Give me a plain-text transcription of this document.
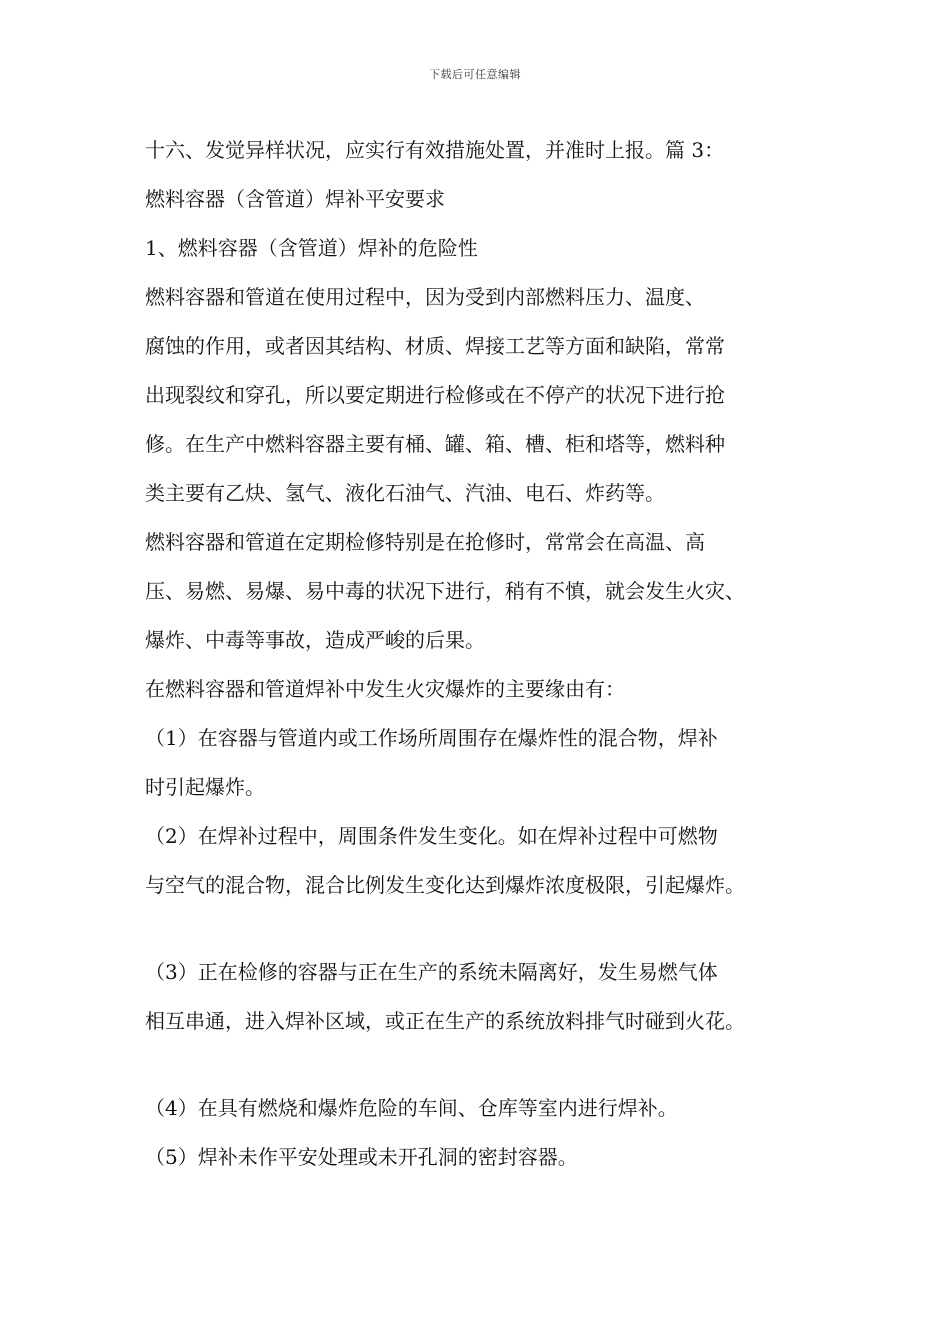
下载后可任意编辑
十六、发觉异样状况，应实行有效措施处置，并准时上报。篇 3：
燃料容器（含管道）焊补平安要求
1、燃料容器（含管道）焊补的危险性
燃料容器和管道在使用过程中，因为受到内部燃料压力、温度、
腐蚀的作用，或者因其结构、材质、焊接工艺等方面和缺陷，常常
出现裂纹和穿孔，所以要定期进行检修或在不停产的状况下进行抢
修。在生产中燃料容器主要有桶、罐、箱、槽、柜和塔等，燃料种
类主要有乙炔、氢气、液化石油气、汽油、电石、炸药等。
燃料容器和管道在定期检修特别是在抢修时，常常会在高温、高
压、易燃、易爆、易中毒的状况下进行，稍有不慎，就会发生火灾、
爆炸、中毒等事故，造成严峻的后果。
在燃料容器和管道焊补中发生火灾爆炸的主要缘由有：
（1）在容器与管道内或工作场所周围存在爆炸性的混合物，焊补
时引起爆炸。
（2）在焊补过程中，周围条件发生变化。如在焊补过程中可燃物
与空气的混合物，混合比例发生变化达到爆炸浓度极限，引起爆炸。
（3）正在检修的容器与正在生产的系统未隔离好，发生易燃气体
相互串通，进入焊补区域，或正在生产的系统放料排气时碰到火花。
（4）在具有燃烧和爆炸危险的车间、仓库等室内进行焊补。
（5）焊补未作平安处理或未开孔洞的密封容器。
